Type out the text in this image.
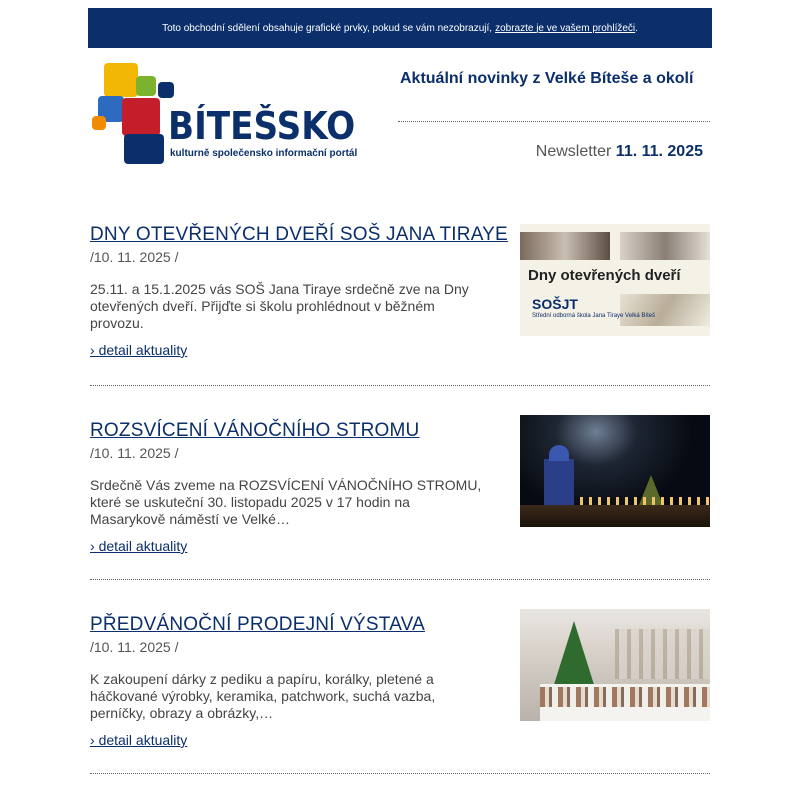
Toto obchodní sdělení obsahuje grafické prvky, pokud se vám nezobrazují, zobrazte je ve vašem prohlížeči .
BÍTEŠSKO
kulturně společensko informační portál
Aktuální novinky z Velké Bíteše a okolí
Newsletter 11. 11. 2025
DNY OTEVŘENÝCH DVEŘÍ SOŠ JANA TIRAYE
/10. 11. 2025 /
25.11. a 15.1.2025 vás SOŠ Jana Tiraye srdečně zve na Dny otevřených dveří. Přijďte si školu prohlédnout v běžném provozu.
› detail aktuality
Dny otevřených dveří
SOŠJT
Střední odborná škola Jana Tiraye Velká Bíteš
ROZSVÍCENÍ VÁNOČNÍHO STROMU
/10. 11. 2025 /
Srdečně Vás zveme na ROZSVÍCENÍ VÁNOČNÍHO STROMU, které se uskuteční 30. listopadu 2025 v 17 hodin na Masarykově náměstí ve Velké…
› detail aktuality
PŘEDVÁNOČNÍ PRODEJNÍ VÝSTAVA
/10. 11. 2025 /
K zakoupení dárky z pediku a papíru, korálky, pletené a háčkované výrobky, keramika, patchwork, suchá vazba, perníčky, obrazy a obrázky,…
› detail aktuality
